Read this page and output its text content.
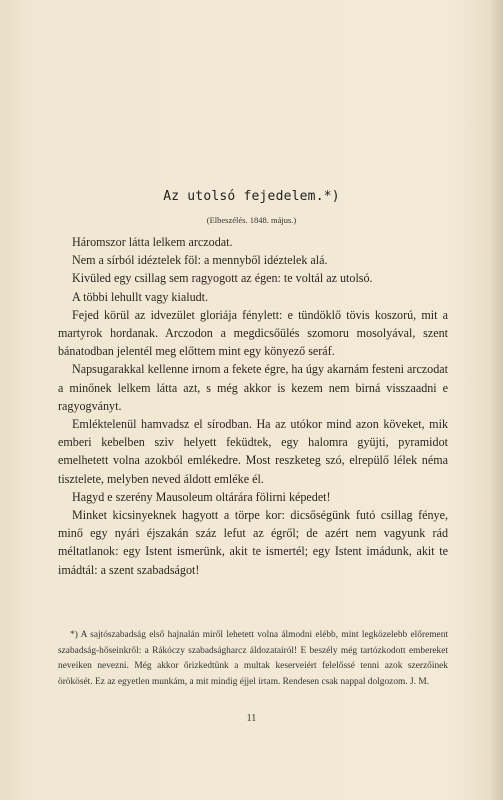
Az utolsó fejedelem.*)
(Elbeszélés. 1848. május.)

Háromszor látta lelkem arczodat.

Nem a sírból idéztelek föl: a mennyből idéztelek alá.

Kivüled egy csillag sem ragyogott az égen: te voltál az utolsó.

A többi lehullt vagy kialudt.

Fejed körül az idvezület gloriája fénylett: e tündöklő tövis koszorú, mit a martyrok hordanak. Arczodon a megdicsőülés szomoru mosolyával, szent bánatodban jelentél meg előttem mint egy könyező seráf.

Napsugarakkal kellenne irnom a fekete égre, ha úgy akarnám festeni arczodat a minőnek lelkem látta azt, s még akkor is kezem nem birná visszaadni e ragyogványt.

Emléktelenül hamvadsz el sírodban. Ha az utókor mind azon köveket, mik emberi kebelben sziv helyett feküdtek, egy halomra gyüjti, pyramidot emelhetett volna azokból emlékedre. Most reszketeg szó, elrepülő lélek néma tisztelete, melyben neved áldott emléke él.

Hagyd e szerény Mausoleum oltárára fölirni képedet!

Minket kicsinyeknek hagyott a törpe kor: dicsőségünk futó csillag fénye, minő egy nyári éjszakán száz lefut az égről; de azért nem vagyunk rád méltatlanok: egy Istent ismerünk, akit te ismertél; egy Istent imádunk, akit te imádtál: a szent szabadságot!

*) A sajtószabadság első hajnalán miről lehetett volna álmodni elébb, mint legközelebb előrement szabadság-hőseinkről: a Rákóczy szabadságharcz áldozatairól! E beszély még tartózkodott embereket neveiken nevezni. Még akkor őrizkedtünk a multak keserveiért felelőssé tenni azok szerzőinek örökösét. Ez az egyetlen munkám, a mit mindig éjjel írtam. Rendesen csak nappal dolgozom. J. M.

11
